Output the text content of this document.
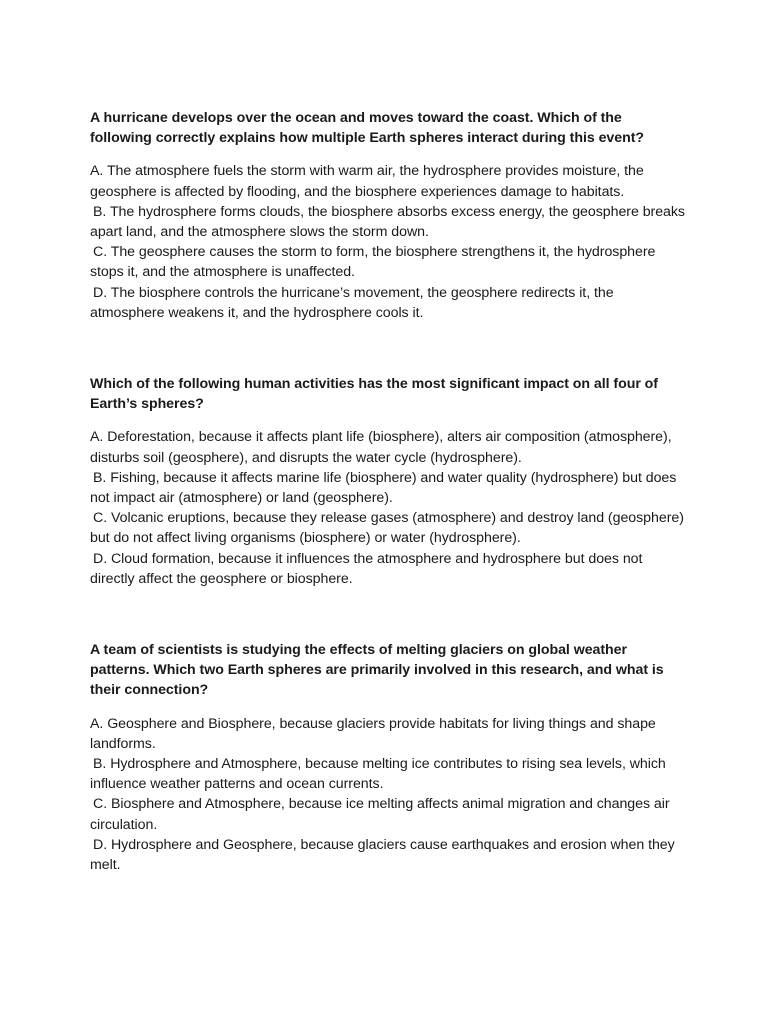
A hurricane develops over the ocean and moves toward the coast. Which of the following correctly explains how multiple Earth spheres interact during this event?

A. The atmosphere fuels the storm with warm air, the hydrosphere provides moisture, the geosphere is affected by flooding, and the biosphere experiences damage to habitats.

B. The hydrosphere forms clouds, the biosphere absorbs excess energy, the geosphere breaks apart land, and the atmosphere slows the storm down.

C. The geosphere causes the storm to form, the biosphere strengthens it, the hydrosphere stops it, and the atmosphere is unaffected.

D. The biosphere controls the hurricane’s movement, the geosphere redirects it, the atmosphere weakens it, and the hydrosphere cools it.

Which of the following human activities has the most significant impact on all four of Earth’s spheres?

A. Deforestation, because it affects plant life (biosphere), alters air composition (atmosphere), disturbs soil (geosphere), and disrupts the water cycle (hydrosphere).

B. Fishing, because it affects marine life (biosphere) and water quality (hydrosphere) but does not impact air (atmosphere) or land (geosphere).

C. Volcanic eruptions, because they release gases (atmosphere) and destroy land (geosphere) but do not affect living organisms (biosphere) or water (hydrosphere).

D. Cloud formation, because it influences the atmosphere and hydrosphere but does not directly affect the geosphere or biosphere.

A team of scientists is studying the effects of melting glaciers on global weather patterns. Which two Earth spheres are primarily involved in this research, and what is their connection?

A. Geosphere and Biosphere, because glaciers provide habitats for living things and shape landforms.

B. Hydrosphere and Atmosphere, because melting ice contributes to rising sea levels, which influence weather patterns and ocean currents.

C. Biosphere and Atmosphere, because ice melting affects animal migration and changes air circulation.

D. Hydrosphere and Geosphere, because glaciers cause earthquakes and erosion when they melt.
